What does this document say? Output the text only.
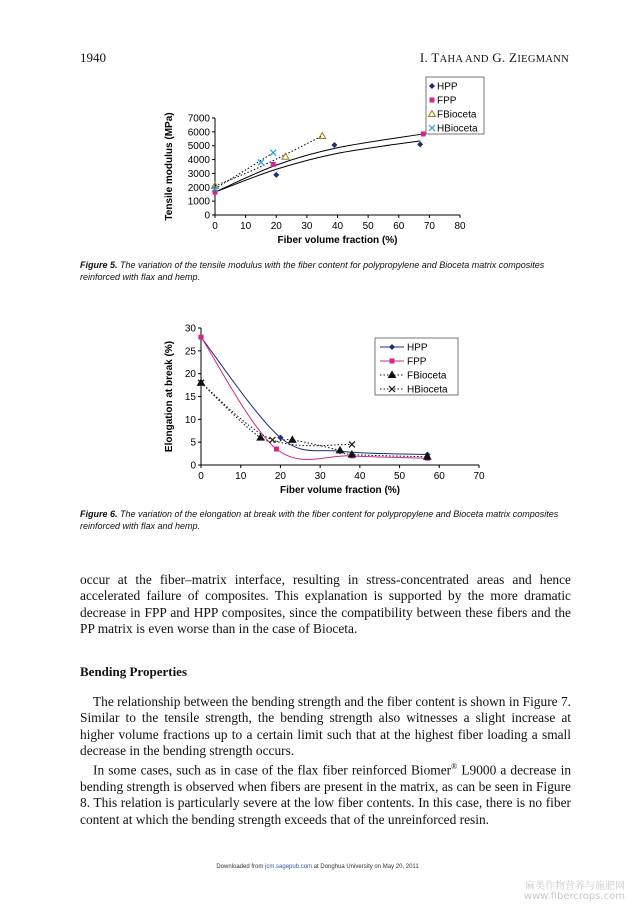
1940	I. TAHA AND G. ZIEGMANN
0
1000
2000
3000
4000
5000
6000
7000
0 10 20 30 40 50 60 70 80
Fiber volume fraction (%)
Tensile modulus (MPa)
HPP
FPP
FBioceta
HBioceta
Figure 5. The variation of the tensile modulus with the fiber content for polypropylene and Bioceta matrix composites reinforced with flax and hemp.
0
5
10
15
20
25
30
0	10	20	30	40	50	60	70
Fiber volume fraction (%)
Elongation at break (%)	HPP
FPP
FBioceta
HBioceta
Figure 6. The variation of the elongation at break with the fiber content for polypropylene and Bioceta matrix composites reinforced with flax and hemp.

occur at the fiber–matrix interface, resulting in stress-concentrated areas and hence accelerated failure of composites. This explanation is supported by the more dramatic decrease in FPP and HPP composites, since the compatibility between these fibers and the PP matrix is even worse than in the case of Bioceta.

Bending Properties

The relationship between the bending strength and the fiber content is shown in Figure 7. Similar to the tensile strength, the bending strength also witnesses a slight increase at higher volume fractions up to a certain limit such that at the highest fiber loading a small decrease in the bending strength occurs.

In some cases, such as in case of the flax fiber reinforced Biomer® L9000 a decrease in bending strength is observed when fibers are present in the matrix, as can be seen in Figure 8. This relation is particularly severe at the low fiber contents. In this case, there is no fiber content at which the bending strength exceeds that of the unreinforced resin.

Downloaded from jcm.sagepub.com at Donghua University on May 20, 2011
麻类作物营养与施肥网
www.fibercrops.com
